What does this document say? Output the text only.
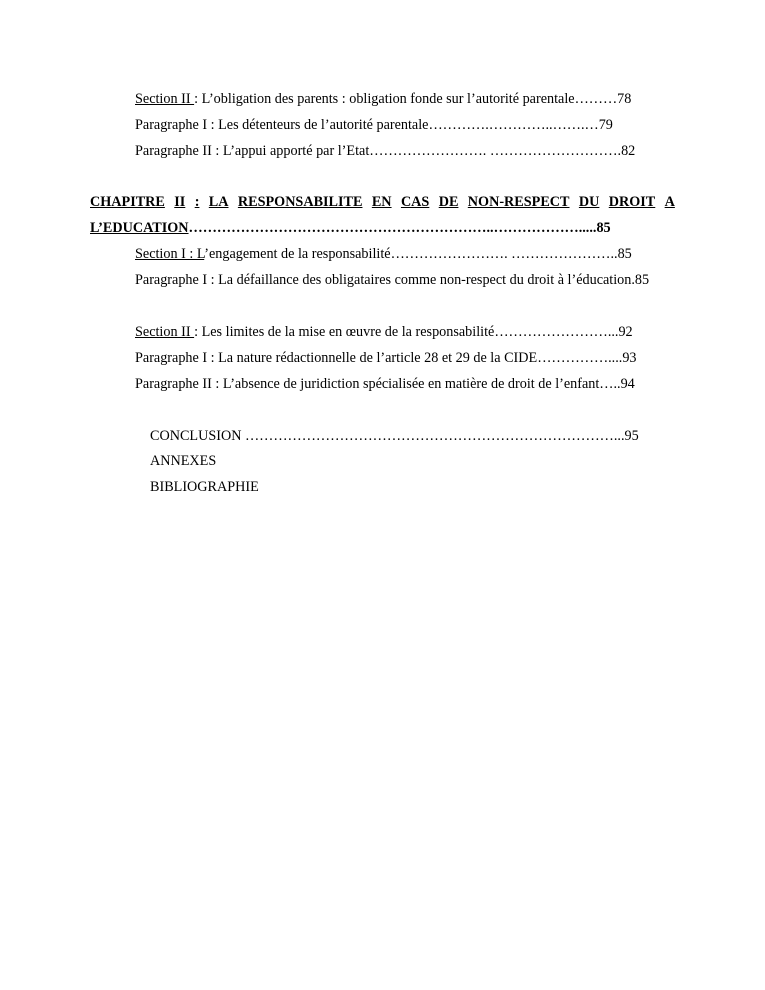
Section II : L’obligation des parents : obligation fonde sur l’autorité parentale………78
Paragraphe I : Les détenteurs de l’autorité parentale………….…………..…….…79
Paragraphe II : L’appui apporté par l’Etat……………………. ……………………….82
CHAPITRE II : LA RESPONSABILITE EN CAS DE NON-RESPECT DU DROIT A
L’EDUCATION………………………………………………………..……………….....85
Section I : L’engagement de la responsabilité……………………. …………………..85
Paragraphe I : La défaillance des obligataires comme non-respect du droit à l’éducation.85
Section II : Les limites de la mise en œuvre de la responsabilité……………………...92
Paragraphe I : La nature rédactionnelle de l’article 28 et 29 de la CIDE……………....93
Paragraphe II : L’absence de juridiction spécialisée en matière de droit de l’enfant…..94
CONCLUSION ……………………………………………………………………...95
ANNEXES
BIBLIOGRAPHIE
